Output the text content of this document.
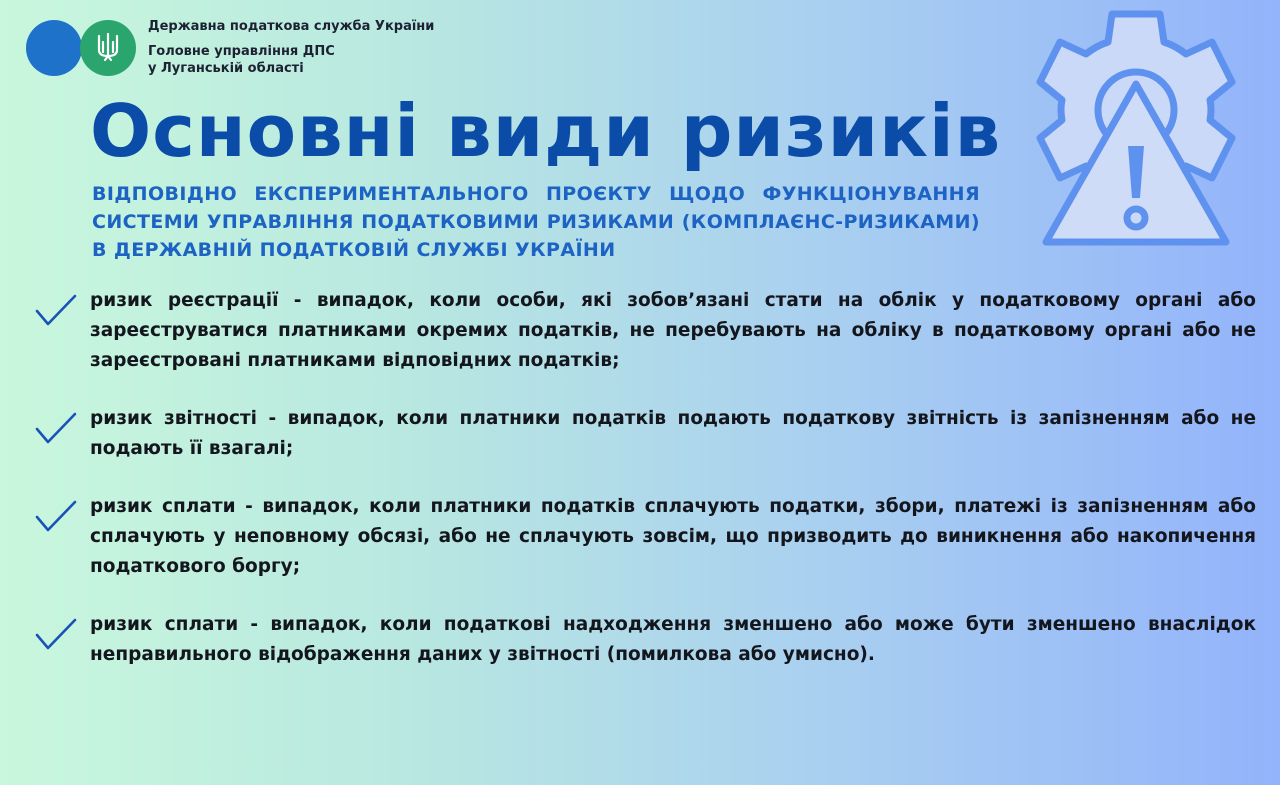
Державна податкова служба України
Головне управління ДПС
у Луганській області
Основні види ризиків
ВІДПОВІДНО ЕКСПЕРИМЕНТАЛЬНОГО ПРОЄКТУ ЩОДО ФУНКЦІОНУВАННЯ СИСТЕМИ УПРАВЛІННЯ ПОДАТКОВИМИ РИЗИКАМИ (КОМПЛАЄНС-РИЗИКАМИ) В ДЕРЖАВНІЙ ПОДАТКОВІЙ СЛУЖБІ УКРАЇНИ
ризик реєстрації - випадок, коли особи, які зобов’язані стати на облік у податковому органі або зареєструватися платниками окремих податків, не перебувають на обліку в податковому органі або не зареєстровані платниками відповідних податків;
ризик звітності - випадок, коли платники податків подають податкову звітність із запізненням або не подають її взагалі;
ризик сплати - випадок, коли платники податків сплачують податки, збори, платежі із запізненням або сплачують у неповному обсязі, або не сплачують зовсім, що призводить до виникнення або накопичення податкового боргу;
ризик сплати - випадок, коли податкові надходження зменшено або може бути зменшено внаслідок неправильного відображення даних у звітності (помилкова або умисно).
